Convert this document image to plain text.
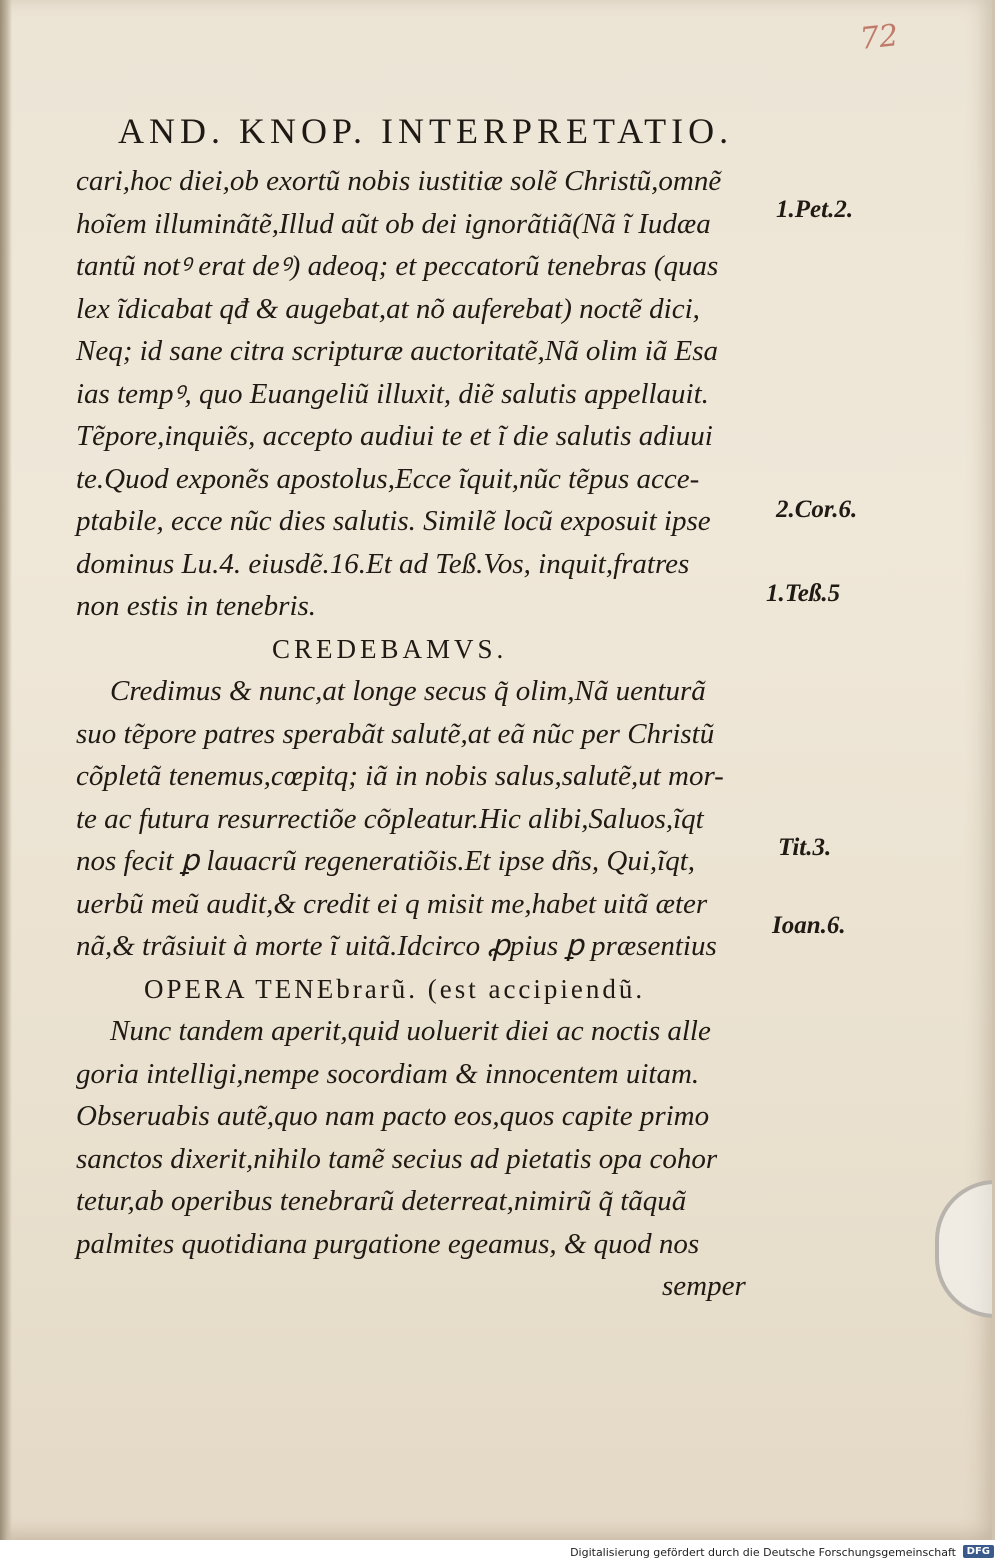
72
AND. KNOP. INTERPRETATIO.
cari,hoc diei,ob exortũ nobis iustitiæ solẽ Christũ,omnẽ
hoĩem illuminãtẽ,Illud aũt ob dei ignorãtiã(Nã ĩ Iudæa
tantũ notꝰ erat deꝰ) adeoq; et peccatorũ tenebras (quas
lex ĩdicabat qđ & augebat,at nõ auferebat) noctẽ dici,
Neq; id sane citra scripturæ auctoritatẽ,Nã olim iã Esa
ias tempꝰ, quo Euangeliũ illuxit, diẽ salutis appellauit.
Tẽpore,inquiẽs, accepto audiui te et ĩ die salutis adiuui
te.Quod exponẽs apostolus,Ecce ĩquit,nũc tẽpus acce-
ptabile, ecce nũc dies salutis. Similẽ locũ exposuit ipse
dominus Lu.4. eiusdẽ.16.Et ad Teß.Vos, inquit,fratres
non estis in tenebris.
CREDEBAMVS.
Credimus & nunc,at longe secus q̃ olim,Nã uenturã
suo tẽpore patres sperabãt salutẽ,at eã nũc per Christũ
cõpletã tenemus,cœpitq; iã in nobis salus,salutẽ,ut mor-
te ac futura resurrectiõe cõpleatur.Hic alibi,Saluos,ĩqt
nos fecit ꝑ lauacrũ regeneratiõis.Et ipse dñs, Qui,ĩqt,
uerbũ meũ audit,& credit ei q misit me,habet uitã æter
nã,& trãsiuit à morte ĩ uitã.Idcirco ꝓpius ꝑ præsentius
OPERA TENEbrarũ. (est accipiendũ.
Nunc tandem aperit,quid uoluerit diei ac noctis alle
goria intelligi,nempe socordiam & innocentem uitam.
Obseruabis autẽ,quo nam pacto eos,quos capite primo
sanctos dixerit,nihilo tamẽ secius ad pietatis opa cohor
tetur,ab operibus tenebrarũ deterreat,nimirũ q̃ tãquã
palmites quotidiana purgatione egeamus, & quod nos
semper
1.Pet.2.
2.Cor.6.
1.Teß.5
Tit.3.
Ioan.6.
Digitalisierung gefördert durch die Deutsche Forschungsgemeinschaft	DFG
